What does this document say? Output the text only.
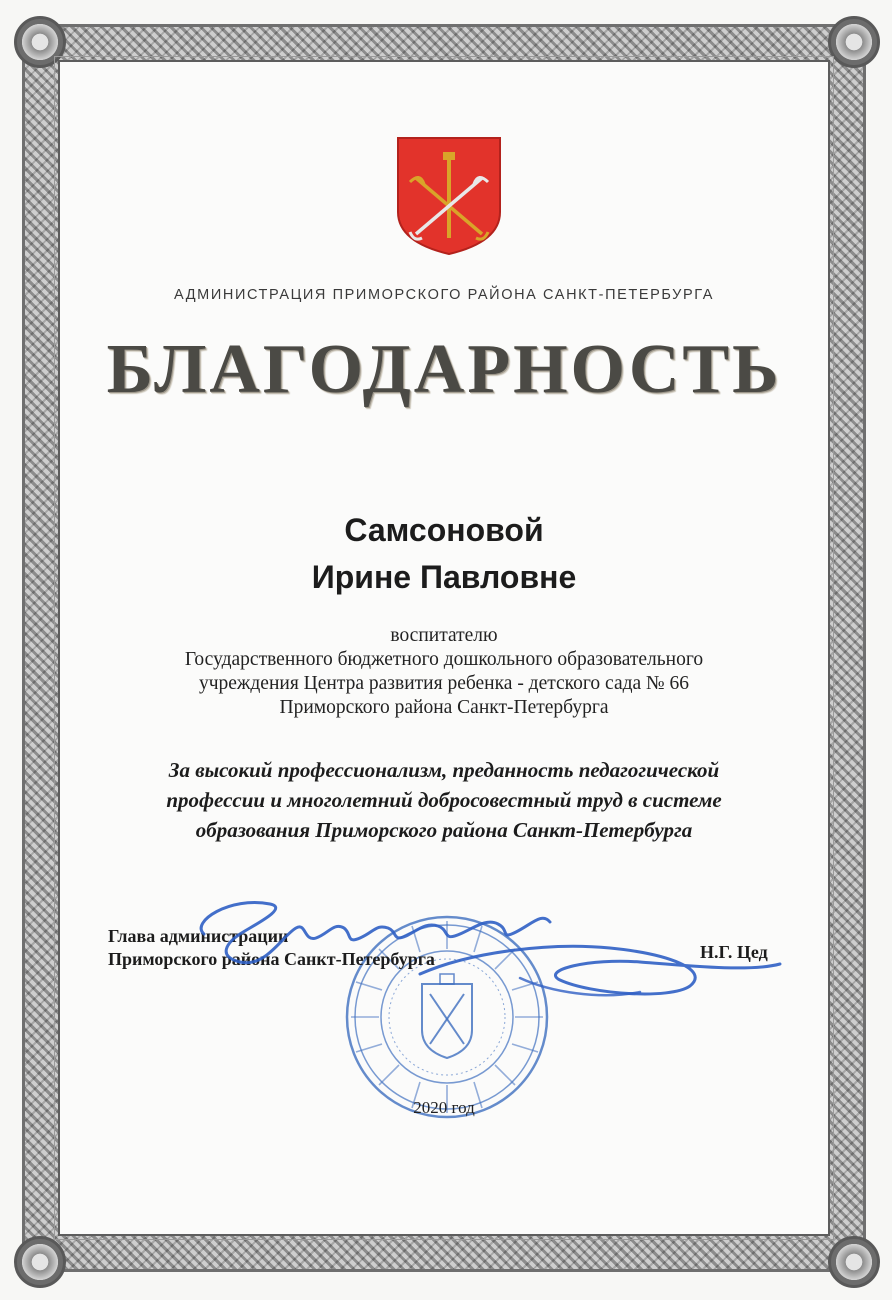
АДМИНИСТРАЦИЯ ПРИМОРСКОГО РАЙОНА САНКТ-ПЕТЕРБУРГА
БЛАГОДАРНОСТЬ
Самсоновой
Ирине Павловне
воспитателю
Государственного бюджетного дошкольного образовательного
учреждения Центра развития ребенка - детского сада № 66
Приморского района Санкт-Петербурга
За высокий профессионализм, преданность педагогической
профессии и многолетний добросовестный труд в системе
образования Приморского района Санкт-Петербурга
Глава администрации
Приморского района Санкт-Петербурга	Н.Г. Цед
2020 год
